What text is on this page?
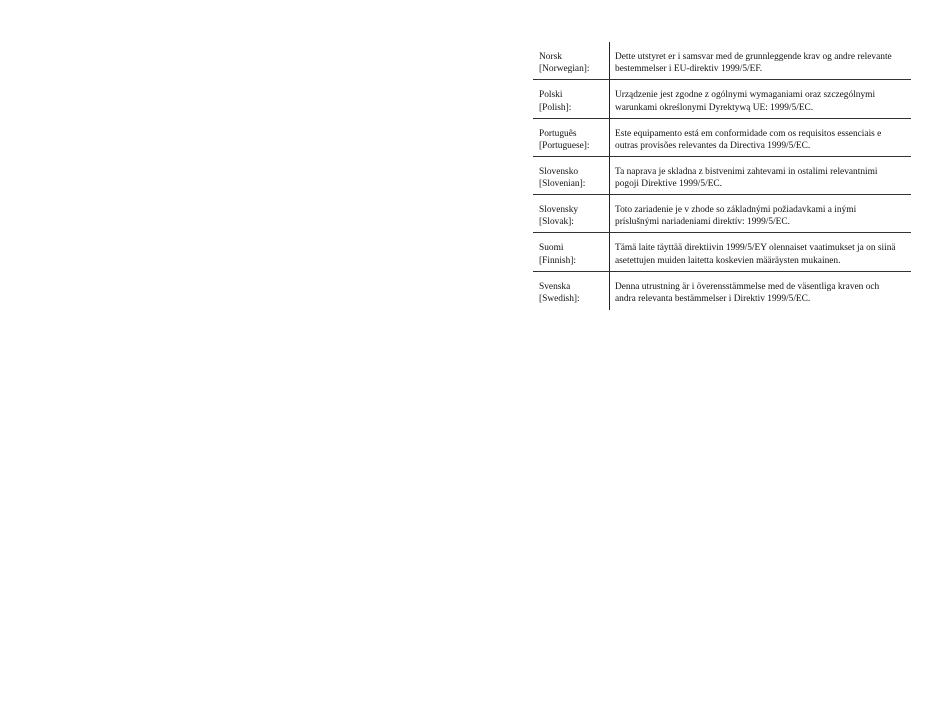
Norsk
[Norwegian]:
Dette utstyret er i samsvar med de grunnleggende krav og andre relevante
bestemmelser i EU-direktiv 1999/5/EF.
Polski
[Polish]:
Urządzenie jest zgodne z ogólnymi wymaganiami oraz szczególnymi
warunkami określonymi Dyrektywą UE: 1999/5/EC.
Português
[Portuguese]:
Este equipamento está em conformidade com os requisitos essenciais e
outras provisões relevantes da Directiva 1999/5/EC.
Slovensko
[Slovenian]:
Ta naprava je skladna z bistvenimi zahtevami in ostalimi relevantnimi
pogoji Direktive 1999/5/EC.
Slovensky
[Slovak]:
Toto zariadenie je v zhode so základnými požiadavkami a inými
príslušnými nariadeniami direktív: 1999/5/EC.
Suomi
[Finnish]:
Tämä laite täyttää direktiivin 1999/5/EY olennaiset vaatimukset ja on siinä
asetettujen muiden laitetta koskevien määräysten mukainen.
Svenska
[Swedish]:
Denna utrustning är i överensstämmelse med de väsentliga kraven och
andra relevanta bestämmelser i Direktiv 1999/5/EC.
